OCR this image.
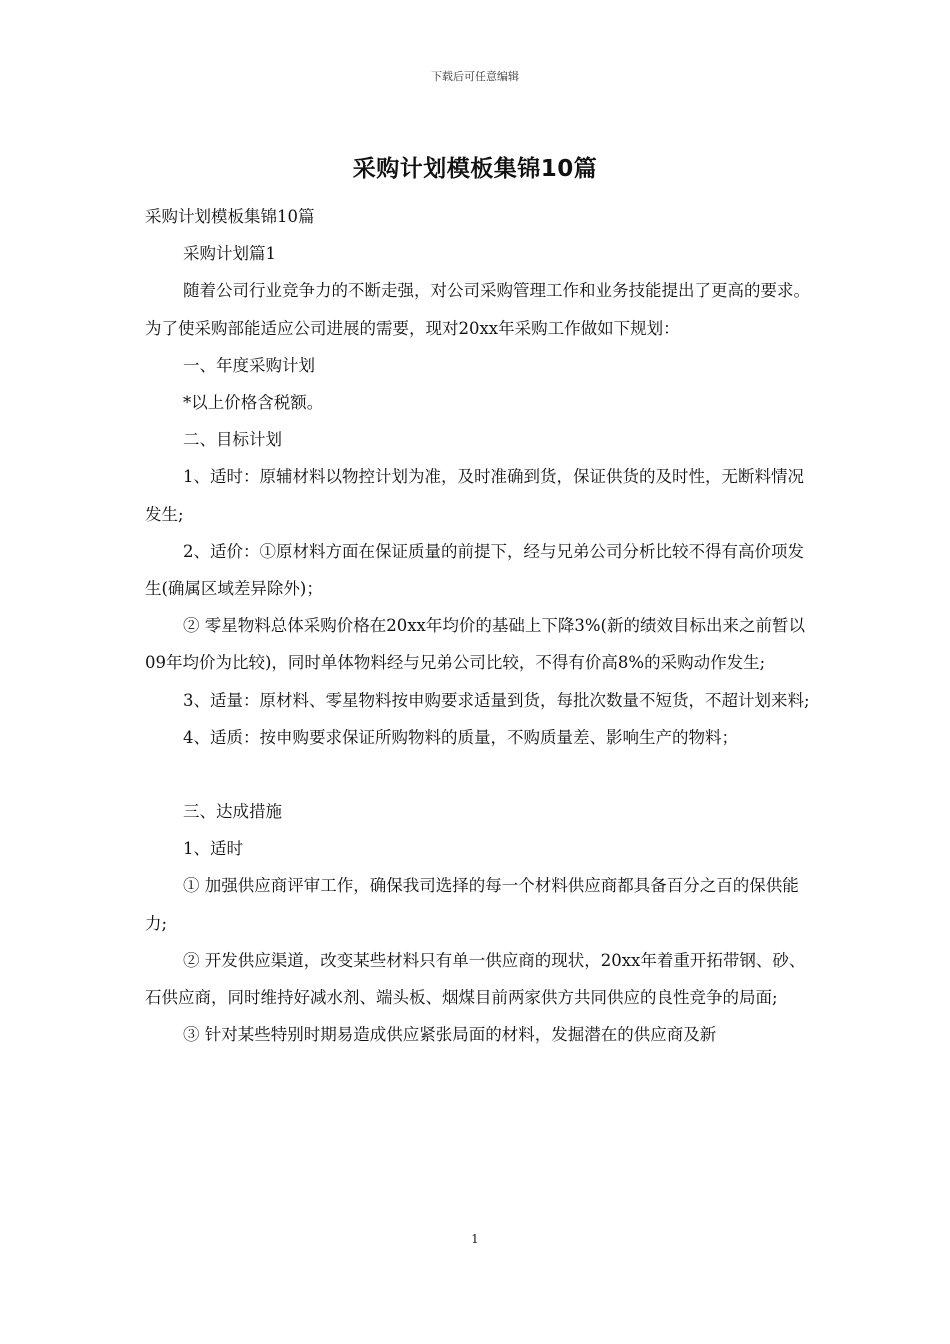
下载后可任意编辑
采购计划模板集锦10篇

采购计划模板集锦10篇

采购计划篇1

随着公司行业竞争力的不断走强，对公司采购管理工作和业务技能提出了更高的要求。为了使采购部能适应公司进展的需要，现对20xx年采购工作做如下规划：

一、年度采购计划

*以上价格含税额。

二、目标计划

1、适时：原辅材料以物控计划为准，及时准确到货，保证供货的及时性，无断料情况发生;

2、适价：①原材料方面在保证质量的前提下，经与兄弟公司分析比较不得有高价项发生(确属区域差异除外)；

② 零星物料总体采购价格在20xx年均价的基础上下降3%(新的绩效目标出来之前暂以09年均价为比较)，同时单体物料经与兄弟公司比较，不得有价高8%的采购动作发生;

3、适量：原材料、零星物料按申购要求适量到货，每批次数量不短货，不超计划来料;

4、适质：按申购要求保证所购物料的质量，不购质量差、影响生产的物料；

三、达成措施

1、适时

① 加强供应商评审工作，确保我司选择的每一个材料供应商都具备百分之百的保供能力;

② 开发供应渠道，改变某些材料只有单一供应商的现状，20xx年着重开拓带钢、砂、石供应商，同时维持好减水剂、端头板、烟煤目前两家供方共同供应的良性竞争的局面;

③ 针对某些特别时期易造成供应紧张局面的材料，发掘潜在的供应商及新

1
